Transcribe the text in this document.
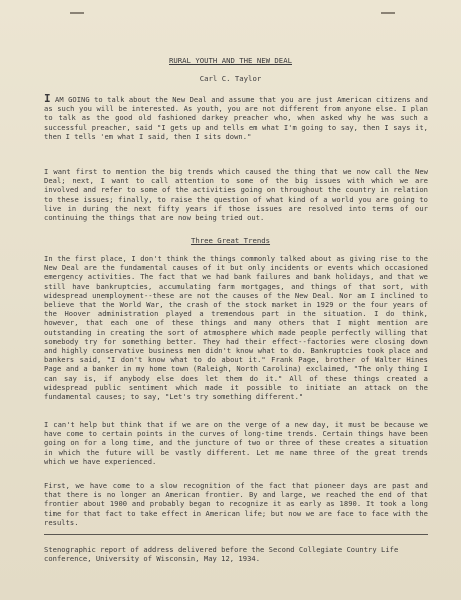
RURAL YOUTH AND THE NEW DEAL

Carl C. Taylor

I AM GOING to talk about the New Deal and assume that you are just American citizens and as such you will be interested. As youth, you are not different from anyone else. I plan to talk as the good old fashioned darkey preacher who, when asked why he was such a successful preacher, said "I gets up and tells em what I'm going to say, then I says it, then I tells 'em what I said, then I sits down."

I want first to mention the big trends which caused the thing that we now call the New Deal; next, I want to call attention to some of the big issues with which we are involved and refer to some of the activities going on throughout the country in relation to these issues; finally, to raise the question of what kind of a world you are going to live in during the next fifty years if those issues are resolved into terms of our continuing the things that are now being tried out.

Three Great Trends

In the first place, I don't think the things commonly talked about as giving rise to the New Deal are the fundamental causes of it but only incidents or events which occasioned emergency activities. The fact that we had bank failures and bank holidays, and that we still have bankruptcies, accumulating farm mortgages, and things of that sort, with widespread unemployment--these are not the causes of the New Deal. Nor am I inclined to believe that the World War, the crash of the stock market in 1929 or the four years of the Hoover administration played a tremendous part in the situation. I do think, however, that each one of these things and many others that I might mention are outstanding in creating the sort of atmosphere which made people perfectly willing that somebody try for something better. They had their effect--factories were closing down and highly conservative business men didn't know what to do. Bankruptcies took place and bankers said, "I don't know what to do about it." Frank Page, brother of Walter Hines Page and a banker in my home town (Raleigh, North Carolina) exclaimed, "The only thing I can say is, if anybody else does let them do it." All of these things created a widespread public sentiment which made it possible to initiate an attack on the fundamental causes; to say, "Let's try something different."

I can't help but think that if we are on the verge of a new day, it must be because we have come to certain points in the curves of long-time trends. Certain things have been going on for a long time, and the juncture of two or three of these creates a situation in which the future will be vastly different. Let me name three of the great trends which we have experienced.

First, we have come to a slow recognition of the fact that pioneer days are past and that there is no longer an American frontier. By and large, we reached the end of that frontier about 1900 and probably began to recognize it as early as 1890. It took a long time for that fact to take effect in American life; but now we are face to face with the results.

Stenographic report of address delivered before the Second Collegiate Country Life conference, University of Wisconsin, May 12, 1934.
